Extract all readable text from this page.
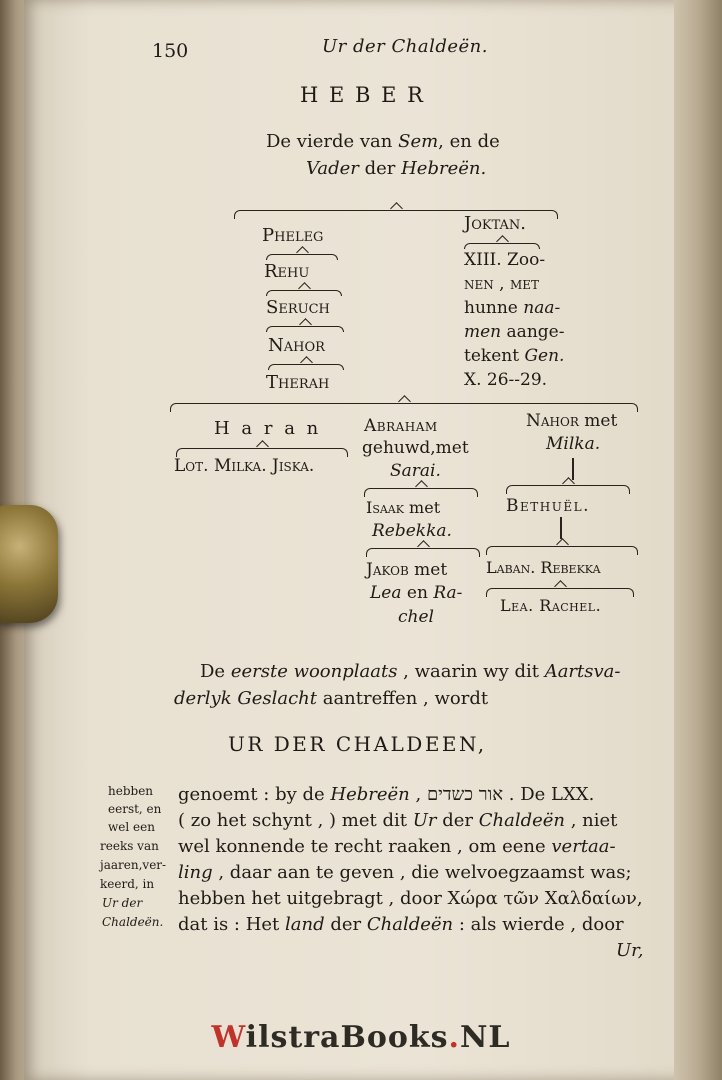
150	Ur der Chaldeën.
H E B E R
De vierde van Sem, en de
Vader der Hebreën.
Pheleg
Rehu
Seruch
Nahor
Therah
Joktan.
XIII. Zoo-
nen , met
hunne naa-
men aange-
tekent Gen.
X. 26--29.
H a r a n
Lot. Milka. Jiska.
Abraham
gehuwd,met
Sarai.
Nahor met
Milka.
Isaak met
Rebekka.
Bethuël.
Jakob met
Lea en Ra-
chel
Laban. Rebekka
Lea. Rachel.
De eerste woonplaats , waarin wy dit Aartsva-
derlyk Geslacht aantreffen , wordt
UR DER CHALDEEN,
hebben
eerst, en
wel een
reeks van
jaaren,ver-
keerd, in
Ur der
Chaldeën.
genoemt : by de Hebreën , אור כשדים . De LXX.
( zo het schynt , ) met dit Ur der Chaldeën , niet
wel konnende te recht raaken , om eene vertaa-
ling , daar aan te geven , die welvoegzaamst was;
hebben het uitgebragt , door Χώρα τῶν Χαλδαίων,
dat is : Het land der Chaldeën : als wierde , door
Ur,
WilstraBooks.NL
